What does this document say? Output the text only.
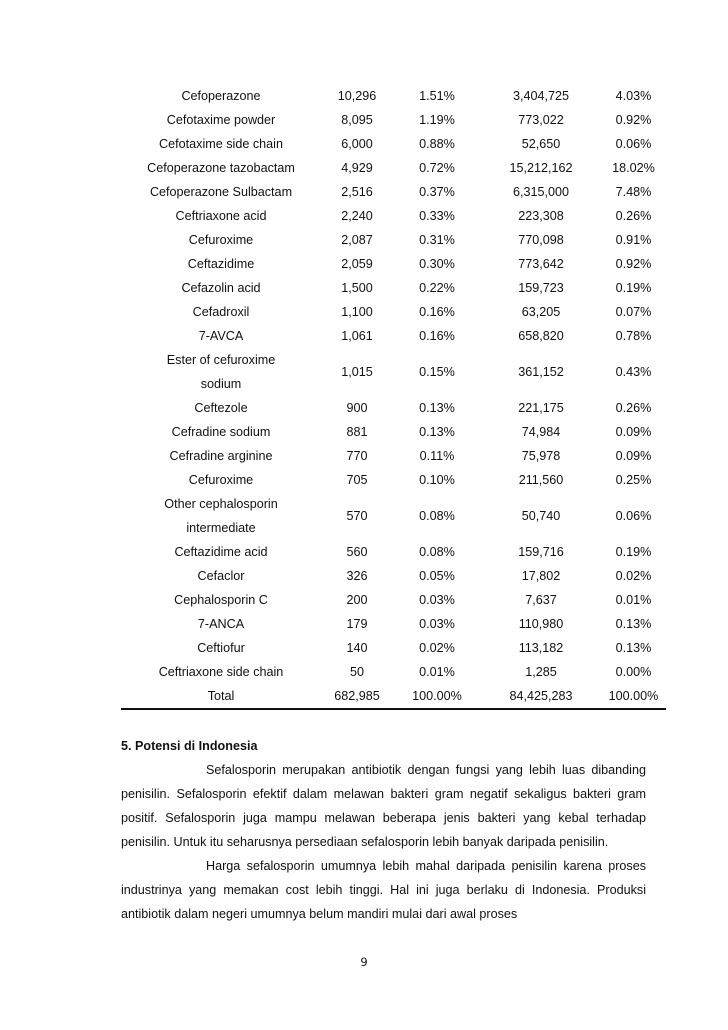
Cefoperazone	10,296	1.51%	3,404,725	4.03%
Cefotaxime powder	8,095	1.19%	773,022	0.92%
Cefotaxime side chain	6,000	0.88%	52,650	0.06%
Cefoperazone tazobactam	4,929	0.72%	15,212,162	18.02%
Cefoperazone Sulbactam	2,516	0.37%	6,315,000	7.48%
Ceftriaxone acid	2,240	0.33%	223,308	0.26%
Cefuroxime	2,087	0.31%	770,098	0.91%
Ceftazidime	2,059	0.30%	773,642	0.92%
Cefazolin acid	1,500	0.22%	159,723	0.19%
Cefadroxil	1,100	0.16%	63,205	0.07%
7-AVCA	1,061	0.16%	658,820	0.78%

Ester of cefuroxime
sodium	1,015	0.15%	361,152	0.43%
Ceftezole	900	0.13%	221,175	0.26%
Cefradine sodium	881	0.13%	74,984	0.09%
Cefradine arginine	770	0.11%	75,978	0.09%
Cefuroxime	705	0.10%	211,560	0.25%

Other cephalosporin
intermediate	570	0.08%	50,740	0.06%
Ceftazidime acid	560	0.08%	159,716	0.19%
Cefaclor	326	0.05%	17,802	0.02%
Cephalosporin C	200	0.03%	7,637	0.01%
7-ANCA	179	0.03%	110,980	0.13%
Ceftiofur	140	0.02%	113,182	0.13%
Ceftriaxone side chain	50	0.01%	1,285	0.00%
Total	682,985	100.00%	84,425,283	100.00%
5. Potensi di Indonesia

Sefalosporin merupakan antibiotik dengan fungsi yang lebih luas dibanding penisilin. Sefalosporin efektif dalam melawan bakteri gram negatif sekaligus bakteri gram positif. Sefalosporin juga mampu melawan beberapa jenis bakteri yang kebal terhadap penisilin. Untuk itu seharusnya persediaan sefalosporin lebih banyak daripada penisilin.

Harga sefalosporin umumnya lebih mahal daripada penisilin karena proses industrinya yang memakan cost lebih tinggi. Hal ini juga berlaku di Indonesia. Produksi antibiotik dalam negeri umumnya belum mandiri mulai dari awal proses

9
